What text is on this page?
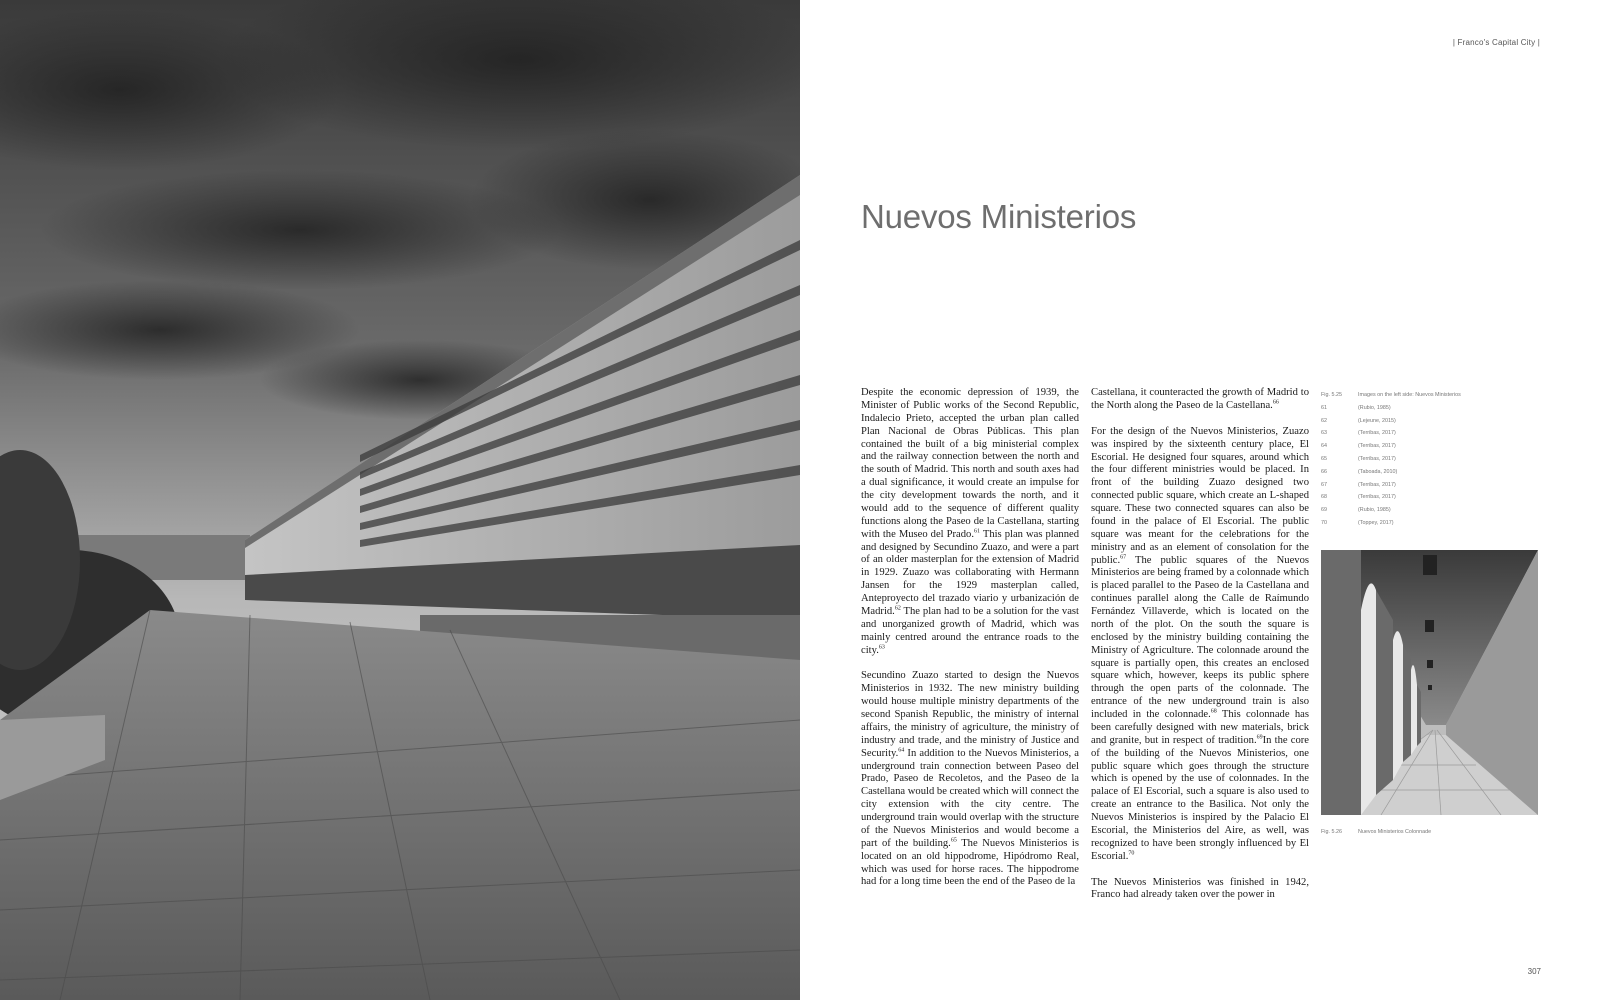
| Franco's Capital City |
Nuevos Ministerios

Despite the economic depression of 1939, the Minister of Public works of the Second Republic, Indalecio Prieto, accepted the urban plan called Plan Nacional de Obras Públicas. This plan contained the built of a big ministerial complex and the railway connection between the north and the south of Madrid. This north and south axes had a dual significance, it would create an impulse for the city development towards the north, and it would add to the sequence of different quality functions along the Paseo de la Castellana, starting with the Museo del Prado.$^{61}$ This plan was planned and designed by Secundino Zuazo, and were a part of an older masterplan for the extension of Madrid in 1929. Zuazo was collaborating with Hermann Jansen for the 1929 masterplan called, Anteproyecto del trazado viario y urbanización de Madrid.$^{62}$ The plan had to be a solution for the vast and unorganized growth of Madrid, which was mainly centred around the entrance roads to the city.$^{63}$

Secundino Zuazo started to design the Nuevos Ministerios in 1932. The new ministry building would house multiple ministry departments of the second Spanish Republic, the ministry of internal affairs, the ministry of agriculture, the ministry of industry and trade, and the ministry of Justice and Security.$^{64}$ In addition to the Nuevos Ministerios, a underground train connection between Paseo del Prado, Paseo de Recoletos, and the Paseo de la Castellana would be created which will connect the city extension with the city centre. The underground train would overlap with the structure of the Nuevos Ministerios and would become a part of the building.$^{65}$ The Nuevos Ministerios is located on an old hippodrome, Hipódromo Real, which was used for horse races. The hippodrome had for a long time been the end of the Paseo de la

Castellana, it counteracted the growth of Madrid to the North along the Paseo de la Castellana.$^{66}$

For the design of the Nuevos Ministerios, Zuazo was inspired by the sixteenth century place, El Escorial. He designed four squares, around which the four different ministries would be placed. In front of the building Zuazo designed two connected public square, which create an L-shaped square. These two connected squares can also be found in the palace of El Escorial. The public square was meant for the celebrations for the ministry and as an element of consolation for the public.$^{67}$ The public squares of the Nuevos Ministerios are being framed by a colonnade which is placed parallel to the Paseo de la Castellana and continues parallel along the Calle de Raímundo Fernández Villaverde, which is located on the north of the plot. On the south the square is enclosed by the ministry building containing the Ministry of Agriculture. The colonnade around the square is partially open, this creates an enclosed square which, however, keeps its public sphere through the open parts of the colonnade. The entrance of the new underground train is also included in the colonnade.$^{68}$ This colonnade has been carefully designed with new materials, brick and granite, but in respect of tradition.$^{69}$In the core of the building of the Nuevos Ministerios, one public square which goes through the structure which is opened by the use of colonnades. In the palace of El Escorial, such a square is also used to create an entrance to the Basilica. Not only the Nuevos Ministerios is inspired by the Palacio El Escorial, the Ministerios del Aire, as well, was recognized to have been strongly influenced by El Escorial.$^{70}$

The Nuevos Ministerios was finished in 1942, Franco had already taken over the power in

Fig. 5.25	Images on the left side: Nuevos Ministerios
61	(Rubio, 1985)
62	(Lejeune, 2015)
63	(Terribas, 2017)
64	(Terribas, 2017)
65	(Terribas, 2017)
66	(Taboada, 2010)
67	(Terribas, 2017)
68	(Terribas, 2017)
69	(Rubio, 1985)
70	(Toppey, 2017)
Fig. 5.26	Nuevos Ministerios Colonnade
307
